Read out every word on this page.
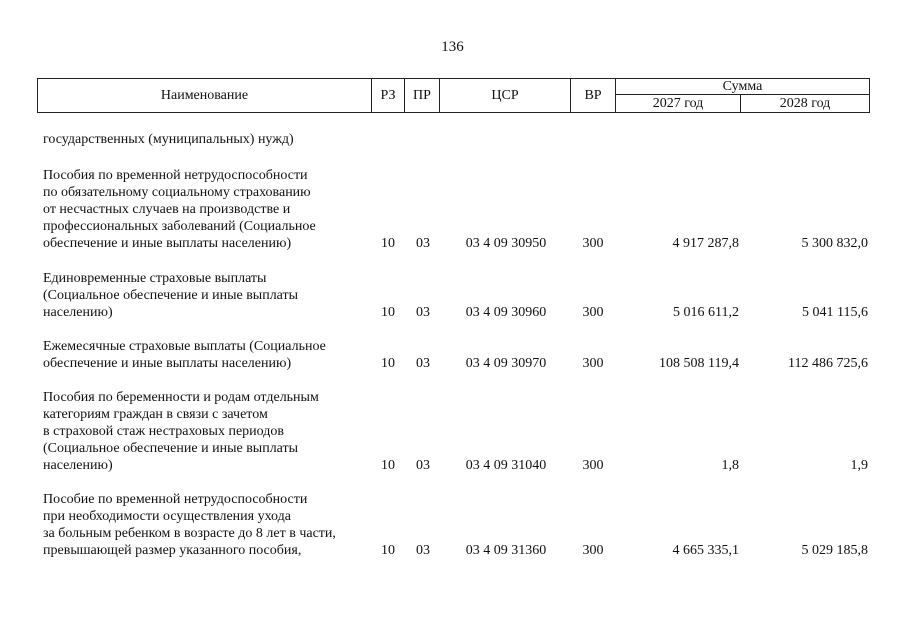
136
Наименование	РЗ	ПР	ЦСР	ВР	Сумма	
					2027 год	2028 год
государственных (муниципальных) нужд)
Пособия по временной нетрудоспособности
по обязательному социальному страхованию
от несчастных случаев на производстве и
профессиональных заболеваний (Социальное
обеспечение и иные выплаты населению)	10	03	03 4 09 30950	300	4 917 287,8	5 300 832,0
Единовременные страховые выплаты
(Социальное обеспечение и иные выплаты
населению)	10	03	03 4 09 30960	300	5 016 611,2	5 041 115,6
Ежемесячные страховые выплаты (Социальное
обеспечение и иные выплаты населению)	10	03	03 4 09 30970	300	108 508 119,4	112 486 725,6
Пособия по беременности и родам отдельным
категориям граждан в связи с зачетом
в страховой стаж нестраховых периодов
(Социальное обеспечение и иные выплаты
населению)	10	03	03 4 09 31040	300	1,8	1,9
Пособие по временной нетрудоспособности
при необходимости осуществления ухода
за больным ребенком в возрасте до 8 лет в части,
превышающей размер указанного пособия,	10	03	03 4 09 31360	300	4 665 335,1	5 029 185,8
